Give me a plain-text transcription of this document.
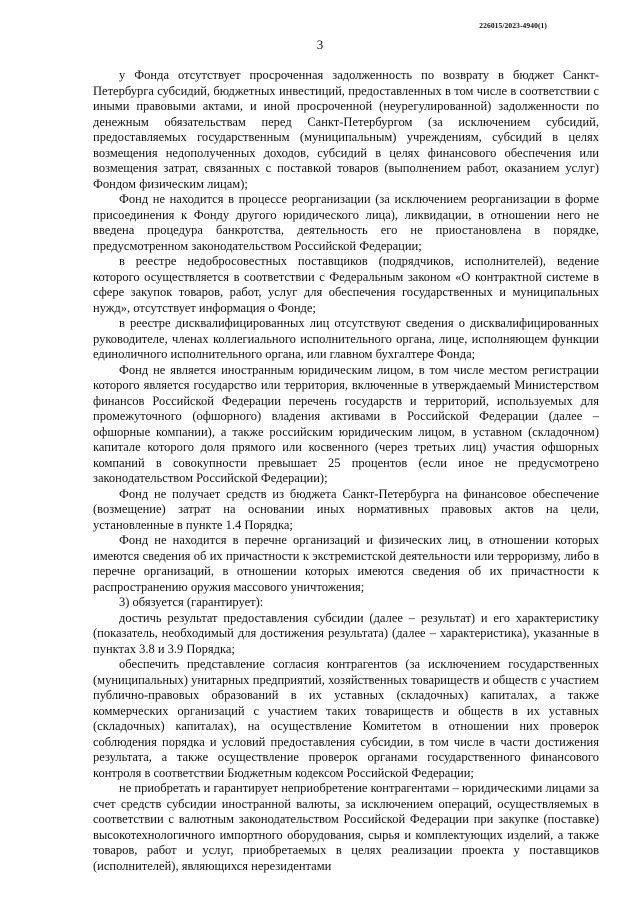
226015/2023-4940(1)
3

у Фонда отсутствует просроченная задолженность по возврату в бюджет Санкт-Петербурга субсидий, бюджетных инвестиций, предоставленных в том числе в соответствии с иными правовыми актами, и иной просроченной (неурегулированной) задолженности по денежным обязательствам перед Санкт-Петербургом (за исключением субсидий, предоставляемых государственным (муниципальным) учреждениям, субсидий в целях возмещения недополученных доходов, субсидий в целях финансового обеспечения или возмещения затрат, связанных с поставкой товаров (выполнением работ, оказанием услуг) Фондом физическим лицам);

Фонд не находится в процессе реорганизации (за исключением реорганизации в форме присоединения к Фонду другого юридического лица), ликвидации, в отношении него не введена процедура банкротства, деятельность его не приостановлена в порядке, предусмотренном законодательством Российской Федерации;

в реестре недобросовестных поставщиков (подрядчиков, исполнителей), ведение которого осуществляется в соответствии с Федеральным законом «О контрактной системе в сфере закупок товаров, работ, услуг для обеспечения государственных и муниципальных нужд», отсутствует информация о Фонде;

в реестре дисквалифицированных лиц отсутствуют сведения о дисквалифицированных руководителе, членах коллегиального исполнительного органа, лице, исполняющем функции единоличного исполнительного органа, или главном бухгалтере Фонда;

Фонд не является иностранным юридическим лицом, в том числе местом регистрации которого является государство или территория, включенные в утверждаемый Министерством финансов Российской Федерации перечень государств и территорий, используемых для промежуточного (офшорного) владения активами в Российской Федерации (далее – офшорные компании), а также российским юридическим лицом, в уставном (складочном) капитале которого доля прямого или косвенного (через третьих лиц) участия офшорных компаний в совокупности превышает 25 процентов (если иное не предусмотрено законодательством Российской Федерации);

Фонд не получает средств из бюджета Санкт-Петербурга на финансовое обеспечение (возмещение) затрат на основании иных нормативных правовых актов на цели, установленные в пункте 1.4 Порядка;

Фонд не находится в перечне организаций и физических лиц, в отношении которых имеются сведения об их причастности к экстремистской деятельности или терроризму, либо в перечне организаций, в отношении которых имеются сведения об их причастности к распространению оружия массового уничтожения;

3) обязуется (гарантирует):

достичь результат предоставления субсидии (далее – результат) и его характеристику (показатель, необходимый для достижения результата) (далее – характеристика), указанные в пунктах 3.8 и 3.9 Порядка;

обеспечить представление согласия контрагентов (за исключением государственных (муниципальных) унитарных предприятий, хозяйственных товариществ и обществ с участием публично-правовых образований в их уставных (складочных) капиталах, а также коммерческих организаций с участием таких товариществ и обществ в их уставных (складочных) капиталах), на осуществление Комитетом в отношении них проверок соблюдения порядка и условий предоставления субсидии, в том числе в части достижения результата, а также осуществление проверок органами государственного финансового контроля в соответствии Бюджетным кодексом Российской Федерации;

не приобретать и гарантирует неприобретение контрагентами – юридическими лицами за счет средств субсидии иностранной валюты, за исключением операций, осуществляемых в соответствии с валютным законодательством Российской Федерации при закупке (поставке) высокотехнологичного импортного оборудования, сырья и комплектующих изделий, а также товаров, работ и услуг, приобретаемых в целях реализации проекта у поставщиков (исполнителей), являющихся нерезидентами
